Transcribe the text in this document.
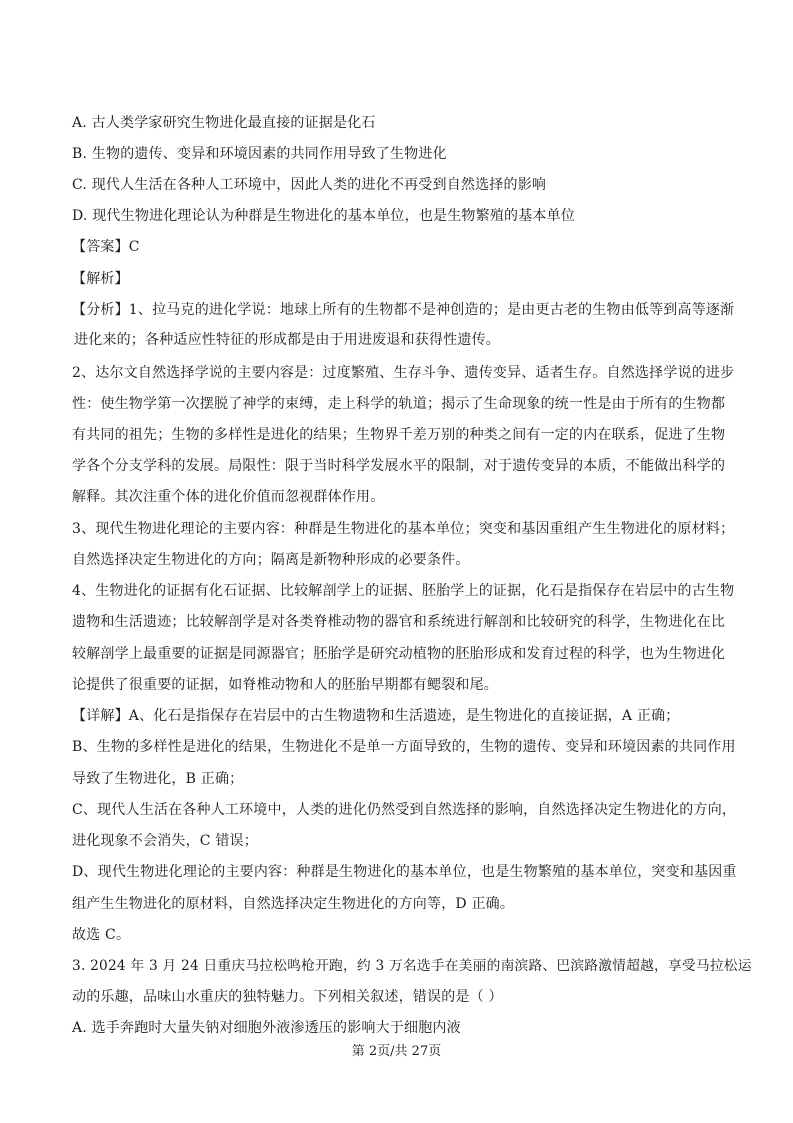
A. 古人类学家研究生物进化最直接的证据是化石
B. 生物的遗传、变异和环境因素的共同作用导致了生物进化
C. 现代人生活在各种人工环境中，因此人类的进化不再受到自然选择的影响
D. 现代生物进化理论认为种群是生物进化的基本单位，也是生物繁殖的基本单位
【答案】C
【解析】
【分析】1、拉马克的进化学说：地球上所有的生物都不是神创造的；是由更古老的生物由低等到高等逐渐
进化来的；各种适应性特征的形成都是由于用进废退和获得性遗传。
2、达尔文自然选择学说的主要内容是：过度繁殖、生存斗争、遗传变异、适者生存。自然选择学说的进步
性：使生物学第一次摆脱了神学的束缚，走上科学的轨道；揭示了生命现象的统一性是由于所有的生物都
有共同的祖先；生物的多样性是进化的结果；生物界千差万别的种类之间有一定的内在联系，促进了生物
学各个分支学科的发展。局限性：限于当时科学发展水平的限制，对于遗传变异的本质，不能做出科学的
解释。其次注重个体的进化价值而忽视群体作用。
3、现代生物进化理论的主要内容：种群是生物进化的基本单位；突变和基因重组产生生物进化的原材料；
自然选择决定生物进化的方向；隔离是新物种形成的必要条件。
4、生物进化的证据有化石证据、比较解剖学上的证据、胚胎学上的证据，化石是指保存在岩层中的古生物
遗物和生活遗迹；比较解剖学是对各类脊椎动物的器官和系统进行解剖和比较研究的科学，生物进化在比
较解剖学上最重要的证据是同源器官；胚胎学是研究动植物的胚胎形成和发育过程的科学，也为生物进化
论提供了很重要的证据，如脊椎动物和人的胚胎早期都有鳃裂和尾。
【详解】A、化石是指保存在岩层中的古生物遗物和生活遗迹，是生物进化的直接证据，A 正确；
B、生物的多样性是进化的结果，生物进化不是单一方面导致的，生物的遗传、变异和环境因素的共同作用
导致了生物进化，B 正确；
C、现代人生活在各种人工环境中，人类的进化仍然受到自然选择的影响，自然选择决定生物进化的方向，
进化现象不会消失，C 错误；
D、现代生物进化理论的主要内容：种群是生物进化的基本单位，也是生物繁殖的基本单位，突变和基因重
组产生生物进化的原材料，自然选择决定生物进化的方向等，D 正确。
故选 C。
3. 2024 年 3 月 24 日重庆马拉松鸣枪开跑，约 3 万名选手在美丽的南滨路、巴滨路激情超越，享受马拉松运
动的乐趣，品味山水重庆的独特魅力。下列相关叙述，错误的是（ ）
A. 选手奔跑时大量失钠对细胞外液渗透压的影响大于细胞内液
第 2页/共 27页
